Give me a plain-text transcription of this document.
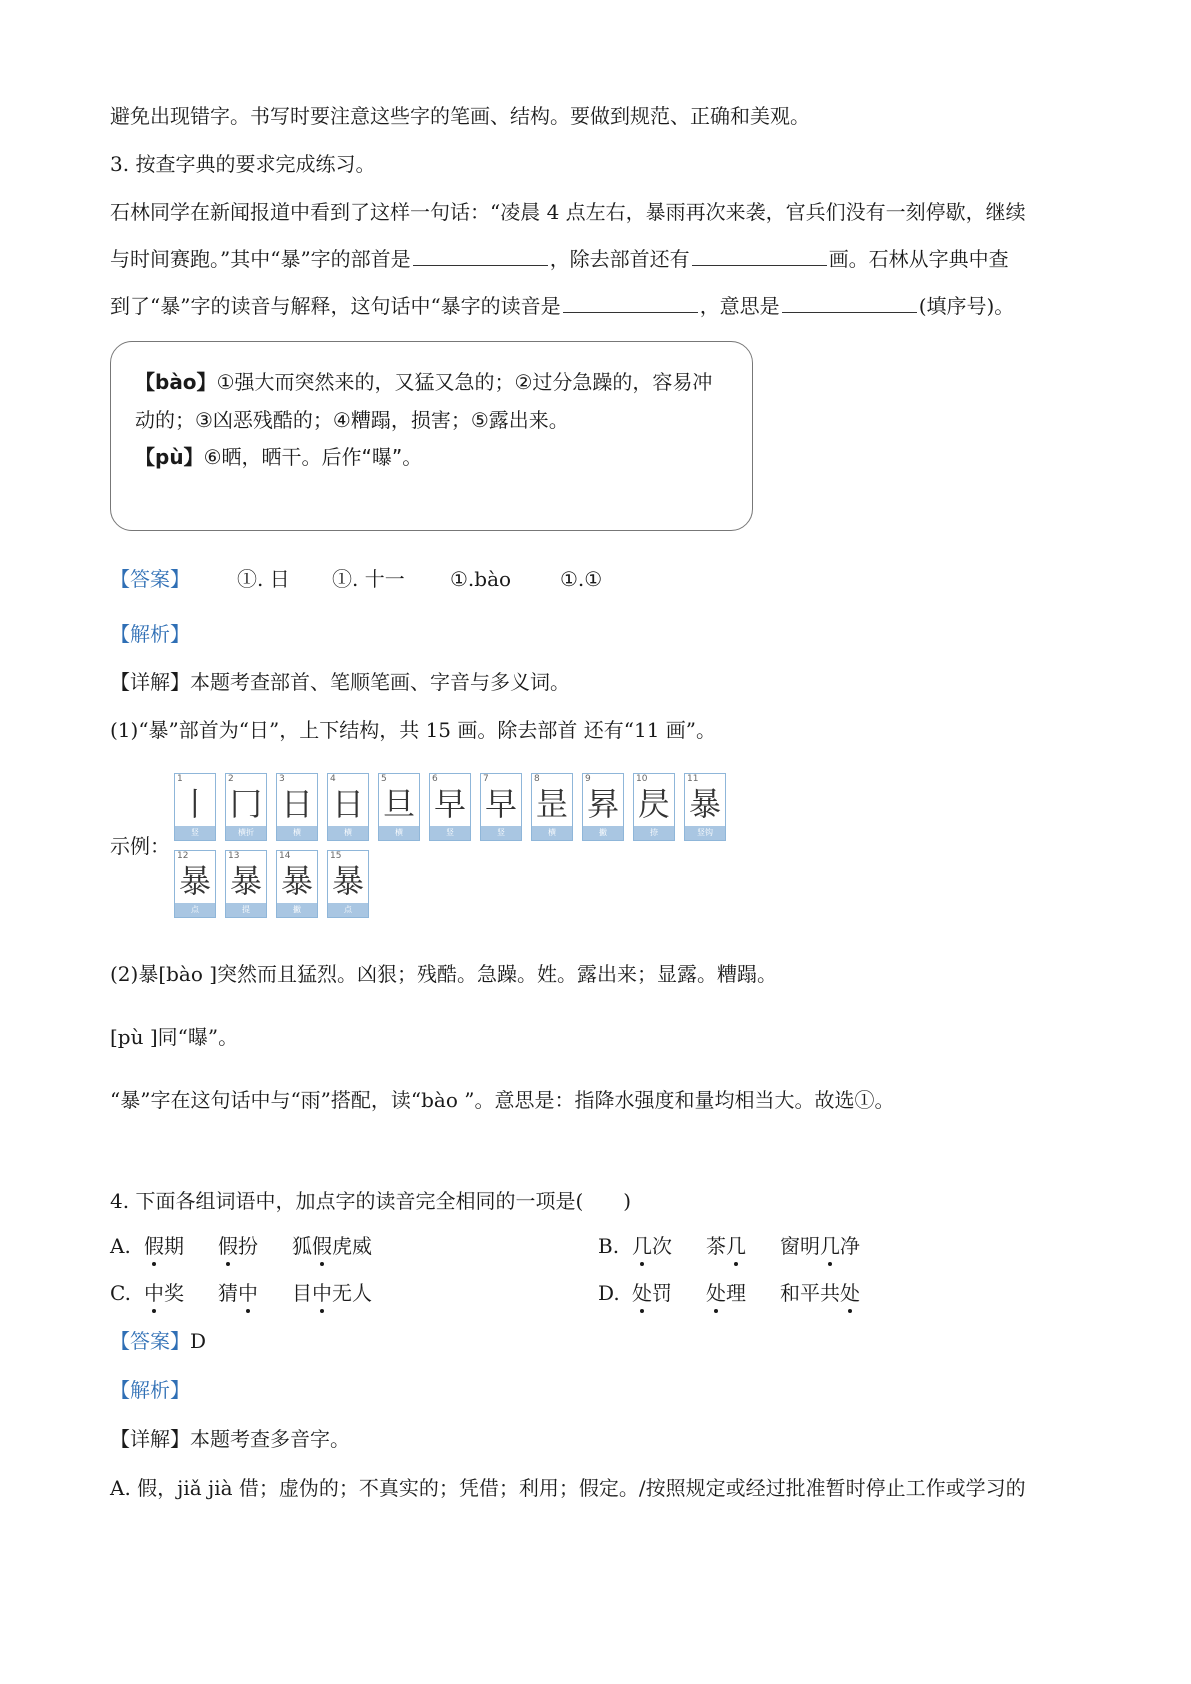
避免出现错字。书写时要注意这些字的笔画、结构。要做到规范、正确和美观。
3. 按查字典的要求完成练习。
石林同学在新闻报道中看到了这样一句话：“凌晨 4 点左右，暴雨再次来袭，官兵们没有一刻停歇，继续
与时间赛跑。”其中“暴”字的部首是	，除去部首还有	画。石林从字典中查
到了“暴”字的读音与解释，这句话中“暴字的读音是	，意思是	(填序号)。
【bào】①强大而突然来的，又猛又急的；②过分急躁的，容易冲
动的；③凶恶残酷的；④糟蹋，损害；⑤露出来。
【pù】⑥晒，晒干。后作“曝”。
【答案】 ①. 日 ①. 十一 ①.bào ①.①
【解析】
【详解】本题考查部首、笔顺笔画、字音与多义词。
(1)“暴”部首为“日”，上下结构，共 15 画。除去部首 还有“11 画”。
示例：
1
丨
竖
2
冂
横折
3
日
横
4
日
横
5
旦
横
6
早
竖
7
早
竖
8
昰
横
9
昪
撇
10
昃
捺
11
暴
竖钩
12
暴
点
13
暴
提
14
暴
撇
15
暴
点
(2)暴[bào ]突然而且猛烈。凶狠；残酷。急躁。姓。露出来；显露。糟蹋。
[pù ]同“曝”。
“暴”字在这句话中与“雨”搭配，读“bào ”。意思是：指降水强度和量均相当大。故选①。
4. 下面各组词语中，加点字的读音完全相同的一项是(　　)
A. 假期 假扮 狐假虎威	B. 几次 茶几 窗明几净
C. 中奖 猜中 目中无人	D. 处罚 处理 和平共处
【答案】D
【解析】
【详解】本题考查多音字。
A. 假，jiǎ jià 借；虚伪的；不真实的；凭借；利用；假定。/按照规定或经过批准暂时停止工作或学习的
